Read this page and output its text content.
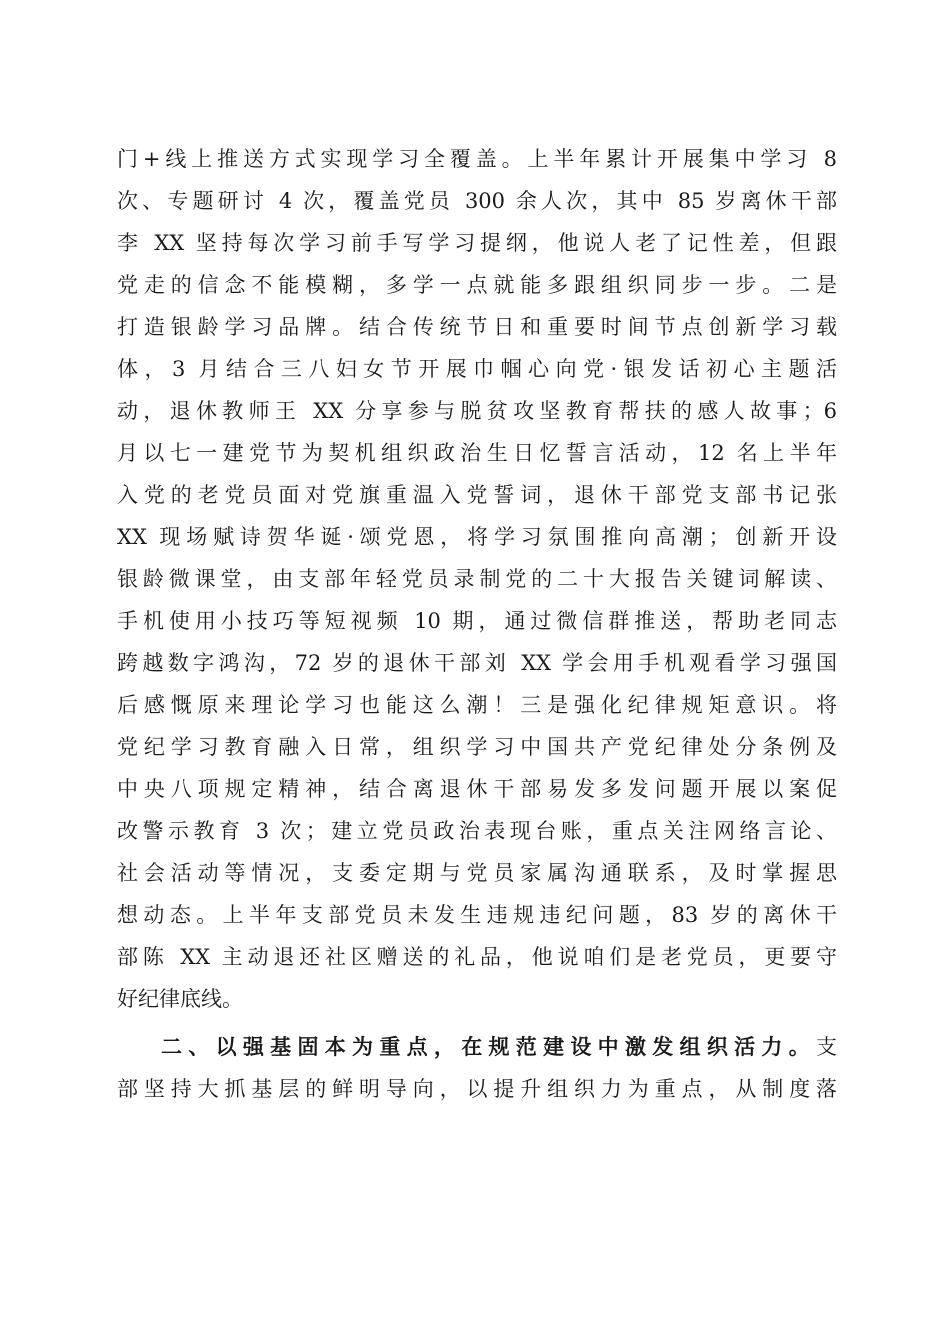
门+线上推送方式实现学习全覆盖。上半年累计开展集中学习 8
次、专题研讨 4 次，覆盖党员 300 余人次，其中 85 岁离休干部
李 XX 坚持每次学习前手写学习提纲，他说人老了记性差，但跟
党走的信念不能模糊，多学一点就能多跟组织同步一步。二是
打造银龄学习品牌。结合传统节日和重要时间节点创新学习载
体，3 月结合三八妇女节开展巾帼心向党·银发话初心主题活
动，退休教师王 XX 分享参与脱贫攻坚教育帮扶的感人故事；6
月以七一建党节为契机组织政治生日忆誓言活动，12 名上半年
入党的老党员面对党旗重温入党誓词，退休干部党支部书记张
XX 现场赋诗贺华诞·颂党恩，将学习氛围推向高潮；创新开设
银龄微课堂，由支部年轻党员录制党的二十大报告关键词解读、
手机使用小技巧等短视频 10 期，通过微信群推送，帮助老同志
跨越数字鸿沟，72 岁的退休干部刘 XX 学会用手机观看学习强国
后感慨原来理论学习也能这么潮！三是强化纪律规矩意识。将
党纪学习教育融入日常，组织学习中国共产党纪律处分条例及
中央八项规定精神，结合离退休干部易发多发问题开展以案促
改警示教育 3 次；建立党员政治表现台账，重点关注网络言论、
社会活动等情况，支委定期与党员家属沟通联系，及时掌握思
想动态。上半年支部党员未发生违规违纪问题，83 岁的离休干
部陈 XX 主动退还社区赠送的礼品，他说咱们是老党员，更要守
好纪律底线。
二、以强基固本为重点，在规范建设中激发组织活力。支
部坚持大抓基层的鲜明导向，以提升组织力为重点，从制度落
